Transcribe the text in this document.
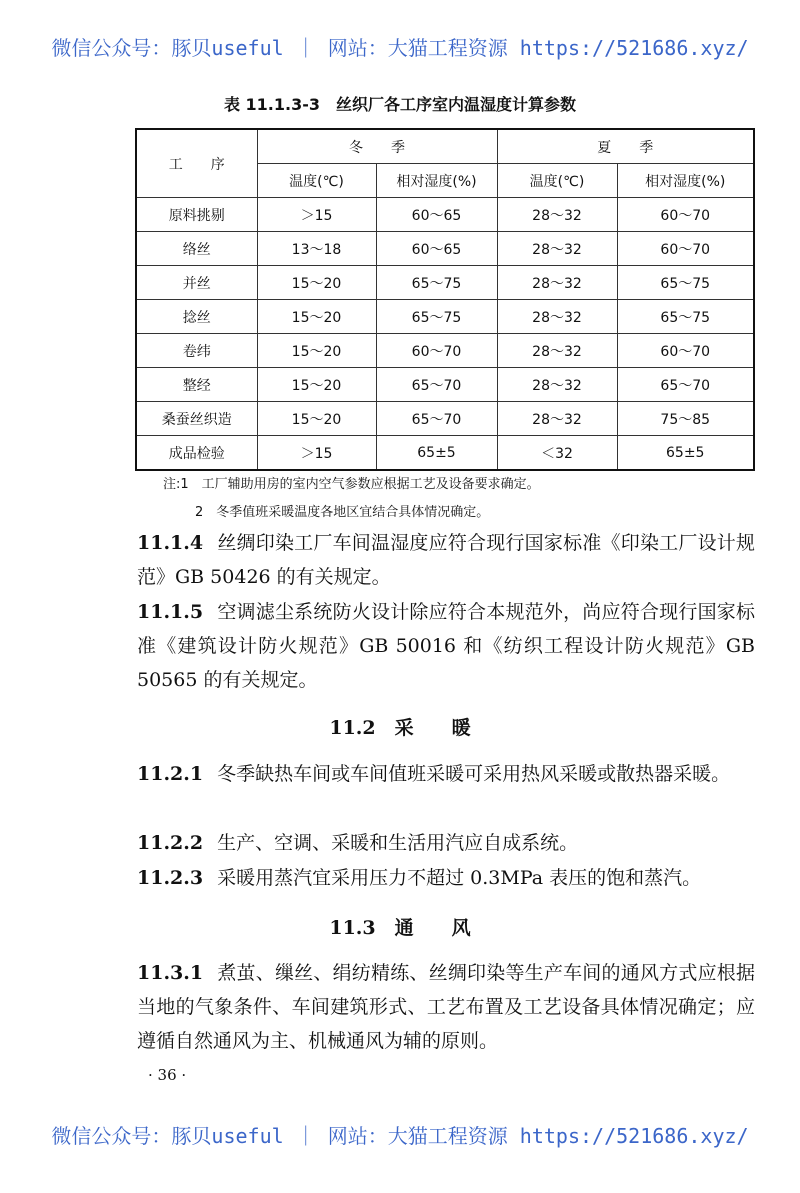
微信公众号：豚贝useful ｜ 网站：大猫工程资源 https://521686.xyz/
表 11.1.3-3　丝织厂各工序室内温湿度计算参数
工　　序	冬　　季		夏　　季	
	温度(℃)	相对湿度(%)	温度(℃)	相对湿度(%)
原料挑剔	＞15	60～65	28～32	60～70
络丝	13～18	60～65	28～32	60～70
并丝	15～20	65～75	28～32	65～75
捻丝	15～20	65～75	28～32	65～75
卷纬	15～20	60～70	28～32	60～70
整经	15～20	65～70	28～32	65～70
桑蚕丝织造	15～20	65～70	28～32	75～85
成品检验	＞15	65±5	＜32	65±5
注:1　工厂辅助用房的室内空气参数应根据工艺及设备要求确定。
2　冬季值班采暖温度各地区宜结合具体情况确定。
11.1.4 丝绸印染工厂车间温湿度应符合现行国家标准《印染工厂设计规范》GB 50426 的有关规定。
11.1.5 空调滤尘系统防火设计除应符合本规范外，尚应符合现行国家标准《建筑设计防火规范》GB 50016 和《纺织工程设计防火规范》GB 50565 的有关规定。
11.2　采　　暖
11.2.1 冬季缺热车间或车间值班采暖可采用热风采暖或散热器采暖。
11.2.2 生产、空调、采暖和生活用汽应自成系统。
11.2.3 采暖用蒸汽宜采用压力不超过 0.3MPa 表压的饱和蒸汽。
11.3　通　　风
11.3.1 煮茧、缫丝、绢纺精练、丝绸印染等生产车间的通风方式应根据当地的气象条件、车间建筑形式、工艺布置及工艺设备具体情况确定；应遵循自然通风为主、机械通风为辅的原则。
· 36 ·
微信公众号：豚贝useful ｜ 网站：大猫工程资源 https://521686.xyz/
